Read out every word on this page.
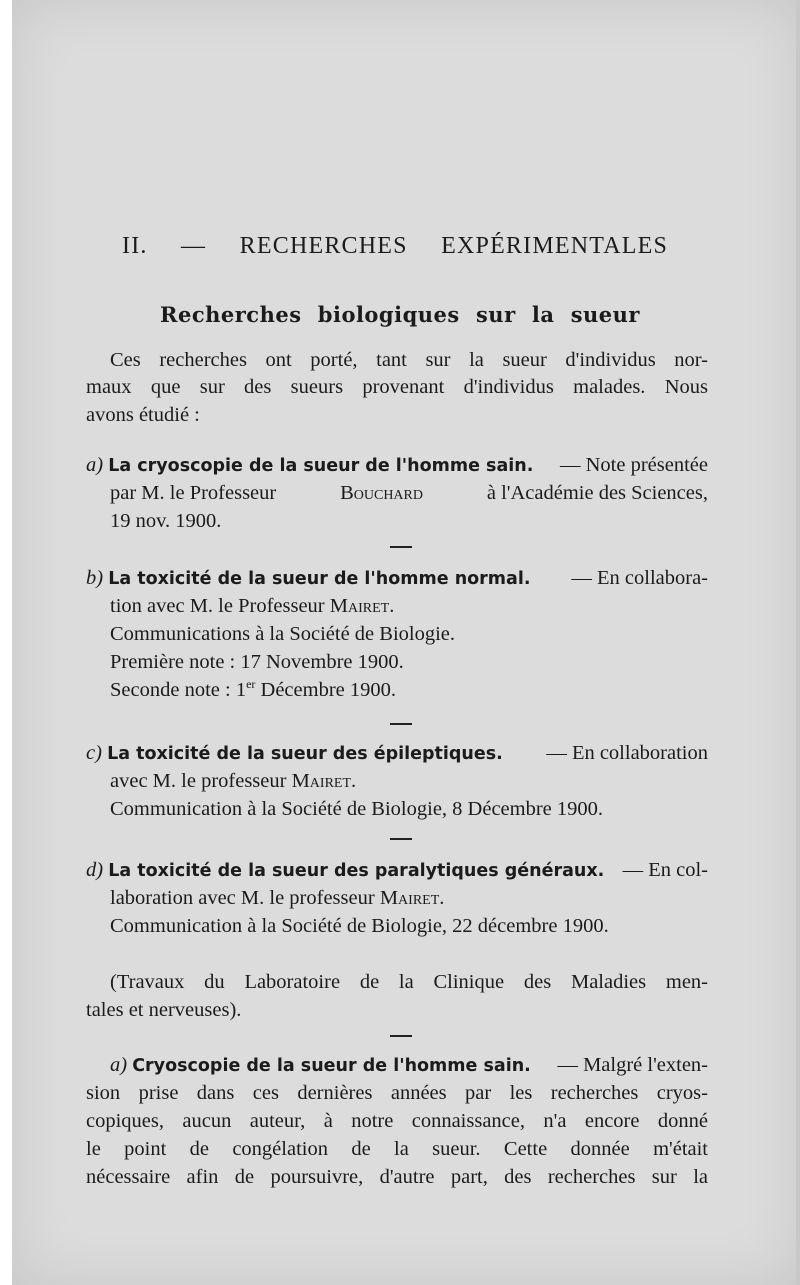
II. — RECHERCHES EXPÉRIMENTALES
Recherches biologiques sur la sueur
Ces recherches ont porté, tant sur la sueur d'individus nor-
maux que sur des sueurs provenant d'individus malades. Nous
avons étudié :
a) La cryoscopie de la sueur de l'homme sain. — Note présentée
par M. le Professeur	Bouchard	à l'Académie des Sciences,
19 nov. 1900.
b) La toxicité de la sueur de l'homme normal. — En collabora-
tion avec M. le Professeur Mairet.
Communications à la Société de Biologie.
Première note : 17 Novembre 1900.
Seconde note : 1er Décembre 1900.
c) La toxicité de la sueur des épileptiques. — En collaboration
avec M. le professeur Mairet.
Communication à la Société de Biologie, 8 Décembre 1900.
d) La toxicité de la sueur des paralytiques généraux. — En col-
laboration avec M. le professeur Mairet.
Communication à la Société de Biologie, 22 décembre 1900.
(Travaux du Laboratoire de la Clinique des Maladies men-
tales et nerveuses).
a) Cryoscopie de la sueur de l'homme sain. — Malgré l'exten-
sion prise dans ces dernières années par les recherches cryos-
copiques, aucun auteur, à notre connaissance, n'a encore donné
le point de congélation de la sueur. Cette donnée m'était
nécessaire afin de poursuivre, d'autre part, des recherches sur la
